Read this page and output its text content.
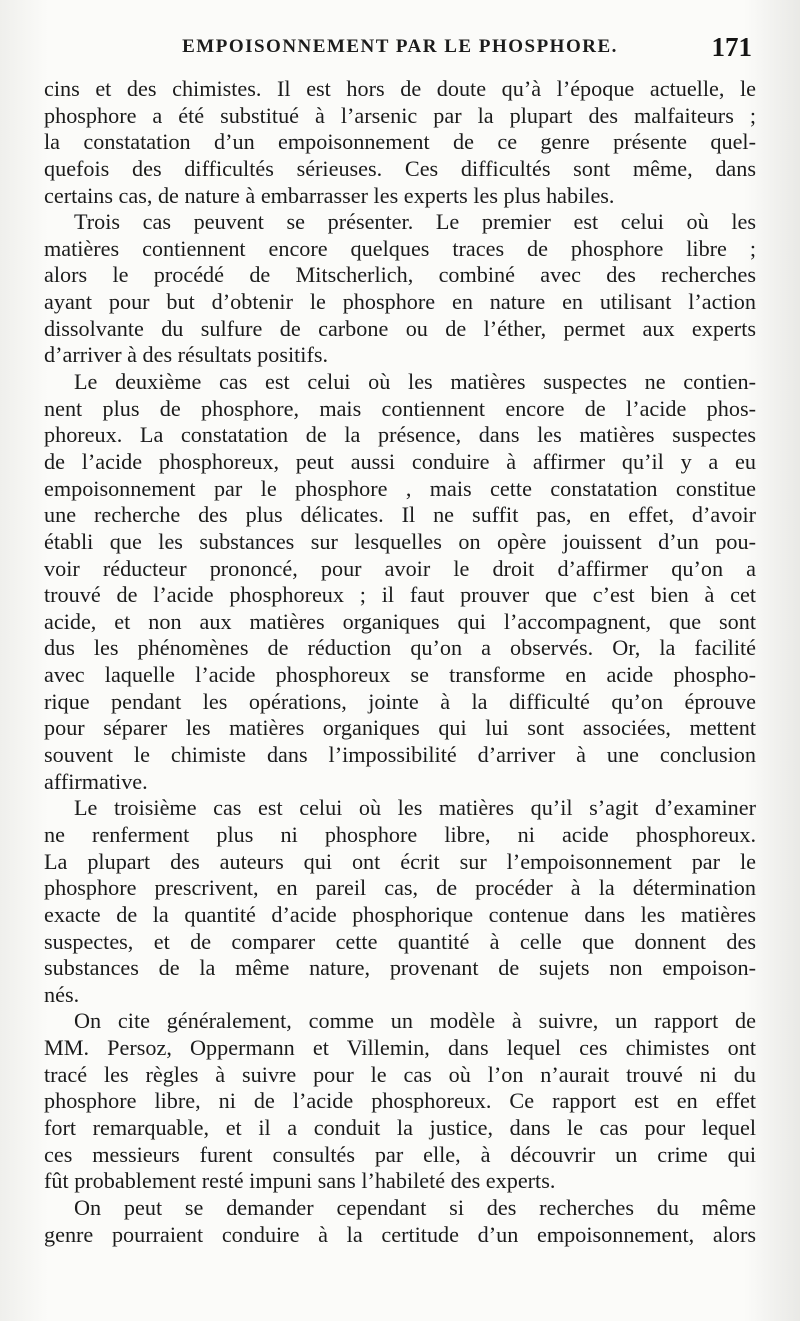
EMPOISONNEMENT PAR LE PHOSPHORE.	171
cins et des chimistes. Il est hors de doute qu’à l’époque actuelle, le
phosphore a été substitué à l’arsenic par la plupart des malfaiteurs ;
la constatation d’un empoisonnement de ce genre présente quel-
quefois des difficultés sérieuses. Ces difficultés sont même, dans
certains cas, de nature à embarrasser les experts les plus habiles.
Trois cas peuvent se présenter. Le premier est celui où les
matières contiennent encore quelques traces de phosphore libre ;
alors le procédé de Mitscherlich, combiné avec des recherches
ayant pour but d’obtenir le phosphore en nature en utilisant l’action
dissolvante du sulfure de carbone ou de l’éther, permet aux experts
d’arriver à des résultats positifs.
Le deuxième cas est celui où les matières suspectes ne contien-
nent plus de phosphore, mais contiennent encore de l’acide phos-
phoreux. La constatation de la présence, dans les matières suspectes
de l’acide phosphoreux, peut aussi conduire à affirmer qu’il y a eu
empoisonnement par le phosphore , mais cette constatation constitue
une recherche des plus délicates. Il ne suffit pas, en effet, d’avoir
établi que les substances sur lesquelles on opère jouissent d’un pou-
voir réducteur prononcé, pour avoir le droit d’affirmer qu’on a
trouvé de l’acide phosphoreux ; il faut prouver que c’est bien à cet
acide, et non aux matières organiques qui l’accompagnent, que sont
dus les phénomènes de réduction qu’on a observés. Or, la facilité
avec laquelle l’acide phosphoreux se transforme en acide phospho-
rique pendant les opérations, jointe à la difficulté qu’on éprouve
pour séparer les matières organiques qui lui sont associées, mettent
souvent le chimiste dans l’impossibilité d’arriver à une conclusion
affirmative.
Le troisième cas est celui où les matières qu’il s’agit d’examiner
ne renferment plus ni phosphore libre, ni acide phosphoreux.
La plupart des auteurs qui ont écrit sur l’empoisonnement par le
phosphore prescrivent, en pareil cas, de procéder à la détermination
exacte de la quantité d’acide phosphorique contenue dans les matières
suspectes, et de comparer cette quantité à celle que donnent des
substances de la même nature, provenant de sujets non empoison-
nés.
On cite généralement, comme un modèle à suivre, un rapport de
MM. Persoz, Oppermann et Villemin, dans lequel ces chimistes ont
tracé les règles à suivre pour le cas où l’on n’aurait trouvé ni du
phosphore libre, ni de l’acide phosphoreux. Ce rapport est en effet
fort remarquable, et il a conduit la justice, dans le cas pour lequel
ces messieurs furent consultés par elle, à découvrir un crime qui
fût probablement resté impuni sans l’habileté des experts.
On peut se demander cependant si des recherches du même
genre pourraient conduire à la certitude d’un empoisonnement, alors
